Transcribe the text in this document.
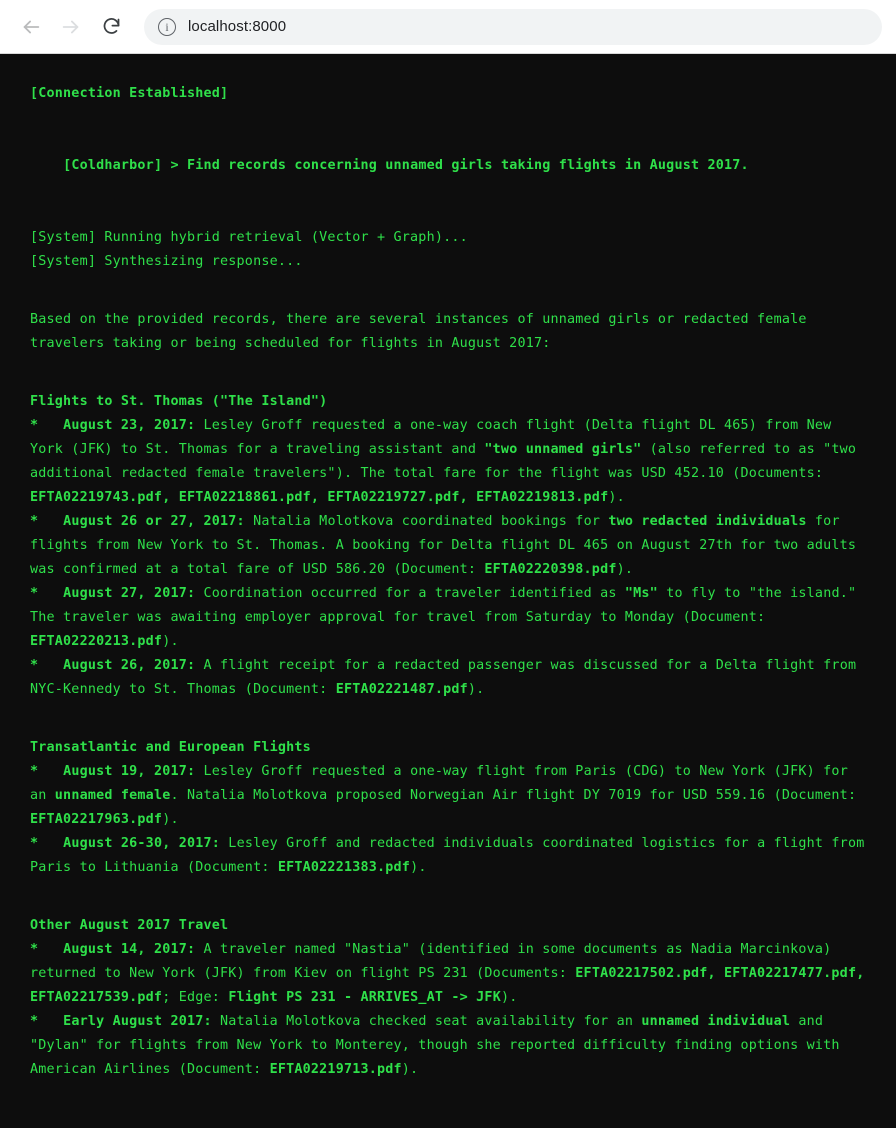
i	localhost:8000
[Connection Established]

[Coldharbor] > Find records concerning unnamed girls taking flights in August 2017.

[System] Running hybrid retrieval (Vector + Graph)...
[System] Synthesizing response...
Based on the provided records, there are several instances of unnamed girls or redacted female travelers taking or being scheduled for flights in August 2017:
Flights to St. Thomas ("The Island")
*   August 23, 2017: Lesley Groff requested a one-way coach flight (Delta flight DL 465) from New York (JFK) to St. Thomas for a traveling assistant and "two unnamed girls" (also referred to as "two additional redacted female travelers"). The total fare for the flight was USD 452.10 (Documents: EFTA02219743.pdf, EFTA02218861.pdf, EFTA02219727.pdf, EFTA02219813.pdf).
*   August 26 or 27, 2017: Natalia Molotkova coordinated bookings for two redacted individuals for flights from New York to St. Thomas. A booking for Delta flight DL 465 on August 27th for two adults was confirmed at a total fare of USD 586.20 (Document: EFTA02220398.pdf).
*   August 27, 2017: Coordination occurred for a traveler identified as "Ms" to fly to "the island." The traveler was awaiting employer approval for travel from Saturday to Monday (Document: EFTA02220213.pdf).
*   August 26, 2017: A flight receipt for a redacted passenger was discussed for a Delta flight from NYC-Kennedy to St. Thomas (Document: EFTA02221487.pdf).
Transatlantic and European Flights
*   August 19, 2017: Lesley Groff requested a one-way flight from Paris (CDG) to New York (JFK) for an unnamed female. Natalia Molotkova proposed Norwegian Air flight DY 7019 for USD 559.16 (Document: EFTA02217963.pdf).
*   August 26-30, 2017: Lesley Groff and redacted individuals coordinated logistics for a flight from Paris to Lithuania (Document: EFTA02221383.pdf).
Other August 2017 Travel
*   August 14, 2017: A traveler named "Nastia" (identified in some documents as Nadia Marcinkova) returned to New York (JFK) from Kiev on flight PS 231 (Documents: EFTA02217502.pdf, EFTA02217477.pdf, EFTA02217539.pdf; Edge: Flight PS 231 - ARRIVES_AT -> JFK).
*   Early August 2017: Natalia Molotkova checked seat availability for an unnamed individual and "Dylan" for flights from New York to Monterey, though she reported difficulty finding options with American Airlines (Document: EFTA02219713.pdf).
